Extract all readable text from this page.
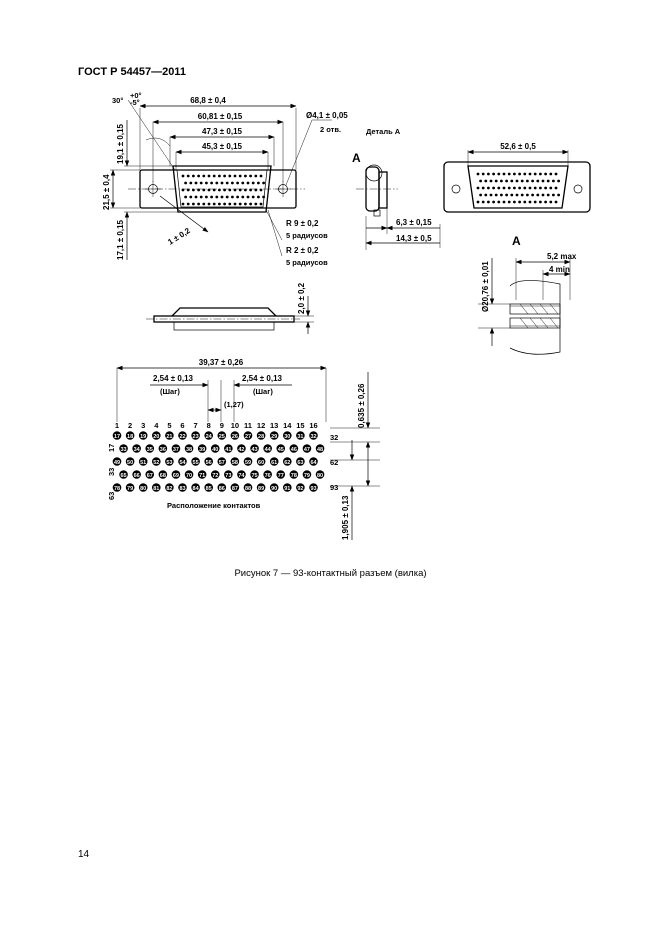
ГОСТ Р 54457—2011
68,8 ± 0,4
60,81 ± 0,15
47,3 ± 0,15
45,3 ± 0,15
30°
+0°
-5°
Ø4,1 ± 0,05
2 отв.	Деталь А
21,5 ± 0,4
19,1 ± 0,15
17,1 ± 0,15	1 ± 0,2
R 9 ± 0,2
5 радиусов
R 2 ± 0,2
5 радиусов
A
6,3 ± 0,15
14,3 ± 0,5
52,6 ± 0,5
A
5,2 max
4 min
Ø20,76 ± 0,01
2,0 ± 0,2
39,37 ± 0,26
2,54 ± 0,13
(Шаг)
2,54 ± 0,13
(Шаг)
(1,27)
1 2 3 4 5 6 7 8 9 10 11 12 13 14 15 16
17 18 19 20 21 22 23 24 25 26 27 28 29 30 31 32
33 34 35 36 37 38 39 40 41 42 43 44 45 46 47 48
49 50 51 52 53 54 55 56 57 58 59 60 61 62 63 64
65 66 67 68 69 70 71 72 73 74 75 76 77 78 79 80
78 79 80 81 82 83 84 85 86 87 88 89 90 91 92 93
32
62
93
17
33
63
Расположение контактов
0,635 ± 0,26
1,905 ± 0,13
Рисунок 7 — 93-контактный разъем (вилка)
14
